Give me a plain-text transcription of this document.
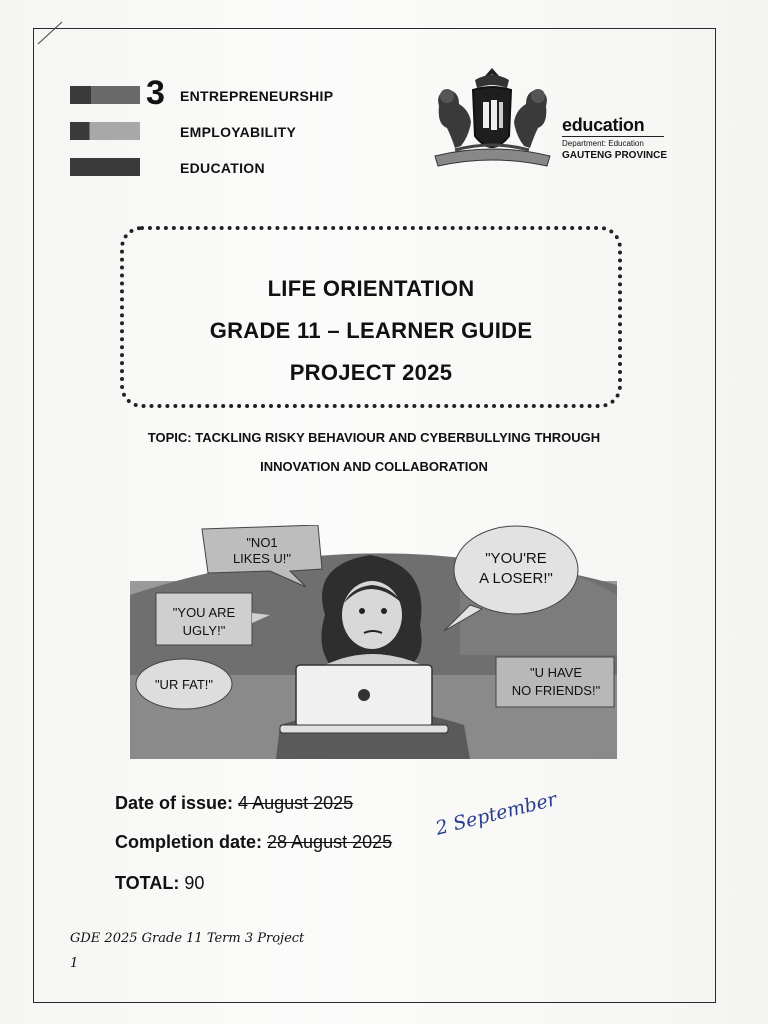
3 ENTREPRENEURSHIP
EMPLOYABILITY
EDUCATION
education
Department: Education
GAUTENG PROVINCE
LIFE ORIENTATION
GRADE 11 – LEARNER GUIDE
PROJECT 2025
TOPIC: TACKLING RISKY BEHAVIOUR AND CYBERBULLYING THROUGH
INNOVATION AND COLLABORATION
"NO1
LIKES U!"	"YOU'RE
A LOSER!"
"YOU ARE
UGLY!"
"UR FAT!"
"U HAVE
NO FRIENDS!"
Date of issue: 4 August 2025
Completion date: 28 August 2025
2 September
TOTAL: 90
GDE 2025 Grade 11 Term 3 Project
1
